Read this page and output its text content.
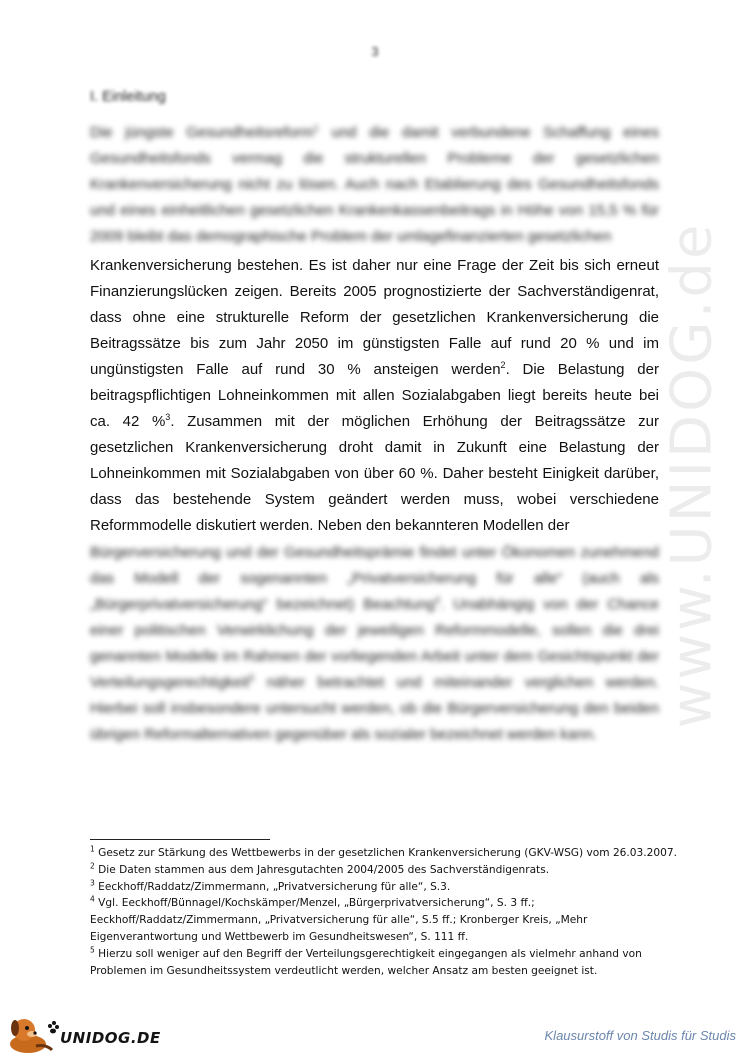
3
I. Einleitung
Die jüngste Gesundheitsreform$^1$ und die damit verbundene Schaffung eines
Gesundheitsfonds vermag die strukturellen Probleme der gesetzlichen
Krankenversicherung nicht zu lösen. Auch nach Etablierung des Gesundheitsfonds
und eines einheitlichen gesetzlichen Krankenkassenbeitrags in Höhe von 15,5 % für
2009 bleibt das demographische Problem der umlagefinanzierten gesetzlichen
Krankenversicherung bestehen. Es ist daher nur eine Frage der Zeit bis sich erneut
Finanzierungslücken zeigen. Bereits 2005 prognostizierte der Sachverständigenrat,
dass ohne eine strukturelle Reform der gesetzlichen Krankenversicherung die
Beitragssätze bis zum Jahr 2050 im günstigsten Falle auf rund 20 % und im
ungünstigsten Falle auf rund 30 % ansteigen werden$^2$. Die Belastung der
beitragspflichtigen Lohneinkommen mit allen Sozialabgaben liegt bereits heute bei
ca. 42 %$^3$. Zusammen mit der möglichen Erhöhung der Beitragssätze zur
gesetzlichen Krankenversicherung droht damit in Zukunft eine Belastung der
Lohneinkommen mit Sozialabgaben von über 60 %. Daher besteht Einigkeit darüber,
dass das bestehende System geändert werden muss, wobei verschiedene
Reformmodelle diskutiert werden. Neben den bekannteren Modellen der
Bürgerversicherung und der Gesundheitsprämie findet unter Ökonomen zunehmend
das Modell der sogenannten „Privatversicherung für alle“ (auch als
„Bürgerprivatversicherung“ bezeichnet) Beachtung$^4$. Unabhängig von der Chance
einer politischen Verwirklichung der jeweiligen Reformmodelle, sollen die drei
genannten Modelle im Rahmen der vorliegenden Arbeit unter dem Gesichtspunkt der
Verteilungsgerechtigkeit$^5$ näher betrachtet und miteinander verglichen werden.
Hierbei soll insbesondere untersucht werden, ob die Bürgerversicherung den beiden
übrigen Reformalternativen gegenüber als sozialer bezeichnet werden kann.
$^1$ Gesetz zur Stärkung des Wettbewerbs in der gesetzlichen Krankenversicherung (GKV-WSG) vom 26.03.2007.
$^2$ Die Daten stammen aus dem Jahresgutachten 2004/2005 des Sachverständigenrats.
$^3$ Eeckhoff/Raddatz/Zimmermann, „Privatversicherung für alle“, S.3.
$^4$ Vgl. Eeckhoff/Bünnagel/Kochskämper/Menzel, „Bürgerprivatversicherung“, S. 3 ff.;
Eeckhoff/Raddatz/Zimmermann, „Privatversicherung für alle“, S.5 ff.; Kronberger Kreis, „Mehr
Eigenverantwortung und Wettbewerb im Gesundheitswesen“, S. 111 ff.
$^5$ Hierzu soll weniger auf den Begriff der Verteilungsgerechtigkeit eingegangen als vielmehr anhand von
Problemen im Gesundheitssystem verdeutlicht werden, welcher Ansatz am besten geeignet ist.
www.UNIDOG.de
UNIDOG.DE	Klausurstoff von Studis für Studis
